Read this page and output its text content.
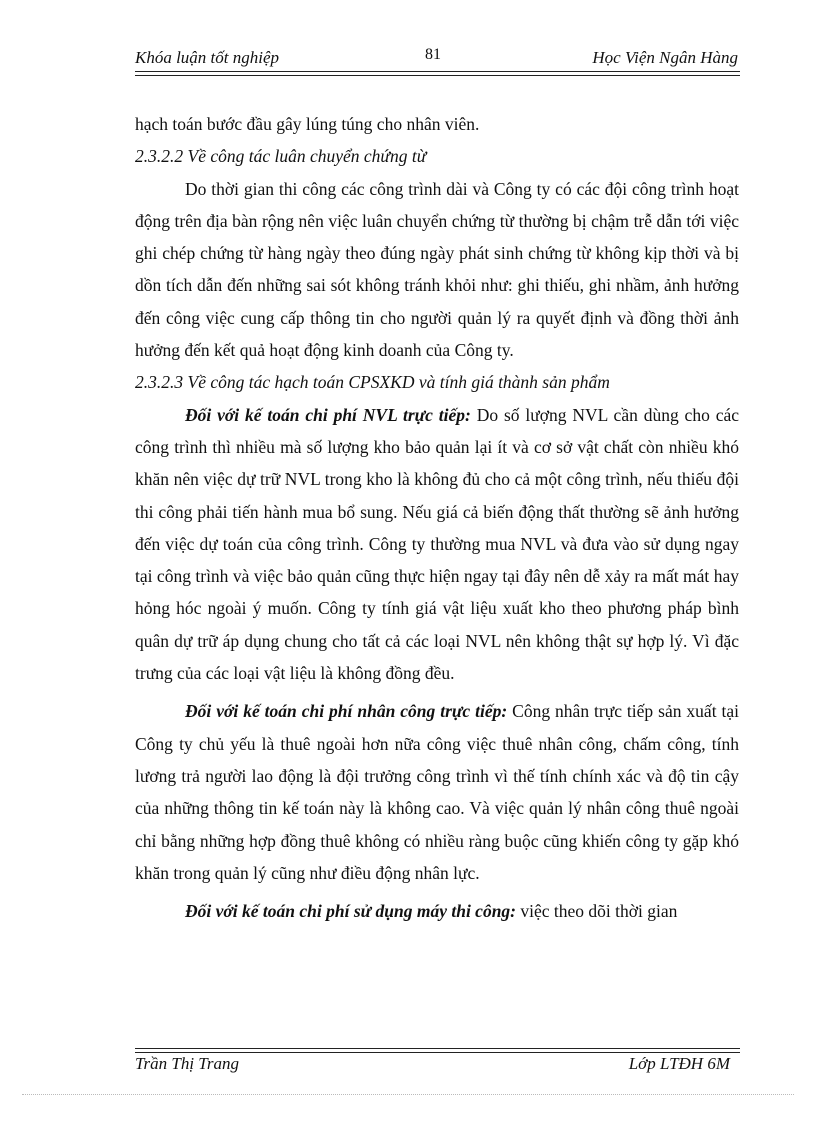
Khóa luận tốt nghiệp	81	Học Viện Ngân Hàng

hạch toán bước đầu gây lúng túng cho nhân viên.

2.3.2.2 Về công tác luân chuyển chứng từ

Do thời gian thi công các công trình dài và Công ty có các đội công trình hoạt động trên địa bàn rộng nên việc luân chuyển chứng từ thường bị chậm trễ dẫn tới việc ghi chép chứng từ hàng ngày theo đúng ngày phát sinh chứng từ không kịp thời và bị dồn tích dẫn đến những sai sót không tránh khỏi như: ghi thiếu, ghi nhầm, ảnh hưởng đến công việc cung cấp thông tin cho người quản lý ra quyết định và đồng thời ảnh hưởng đến kết quả hoạt động kinh doanh của Công ty.

2.3.2.3 Về công tác hạch toán CPSXKD và tính giá thành sản phẩm

Đối với kế toán chi phí NVL trực tiếp: Do số lượng NVL cần dùng cho các công trình thì nhiều mà số lượng kho bảo quản lại ít và cơ sở vật chất còn nhiều khó khăn nên việc dự trữ NVL trong kho là không đủ cho cả một công trình, nếu thiếu đội thi công phải tiến hành mua bổ sung. Nếu giá cả biến động thất thường sẽ ảnh hưởng đến việc dự toán của công trình. Công ty thường mua NVL và đưa vào sử dụng ngay tại công trình và việc bảo quản cũng thực hiện ngay tại đây nên dễ xảy ra mất mát hay hỏng hóc ngoài ý muốn. Công ty tính giá vật liệu xuất kho theo phương pháp bình quân dự trữ áp dụng chung cho tất cả các loại NVL nên không thật sự hợp lý. Vì đặc trưng của các loại vật liệu là không đồng đều.

Đối với kế toán chi phí nhân công trực tiếp: Công nhân trực tiếp sản xuất tại Công ty chủ yếu là thuê ngoài hơn nữa công việc thuê nhân công, chấm công, tính lương trả người lao động là đội trưởng công trình vì thế tính chính xác và độ tin cậy của những thông tin kế toán này là không cao. Và việc quản lý nhân công thuê ngoài chỉ bằng những hợp đồng thuê không có nhiều ràng buộc cũng khiến công ty gặp khó khăn trong quản lý cũng như điều động nhân lực.

Đối với kế toán chi phí sử dụng máy thi công: việc theo dõi thời gian

Trần Thị Trang	Lớp LTĐH 6M
